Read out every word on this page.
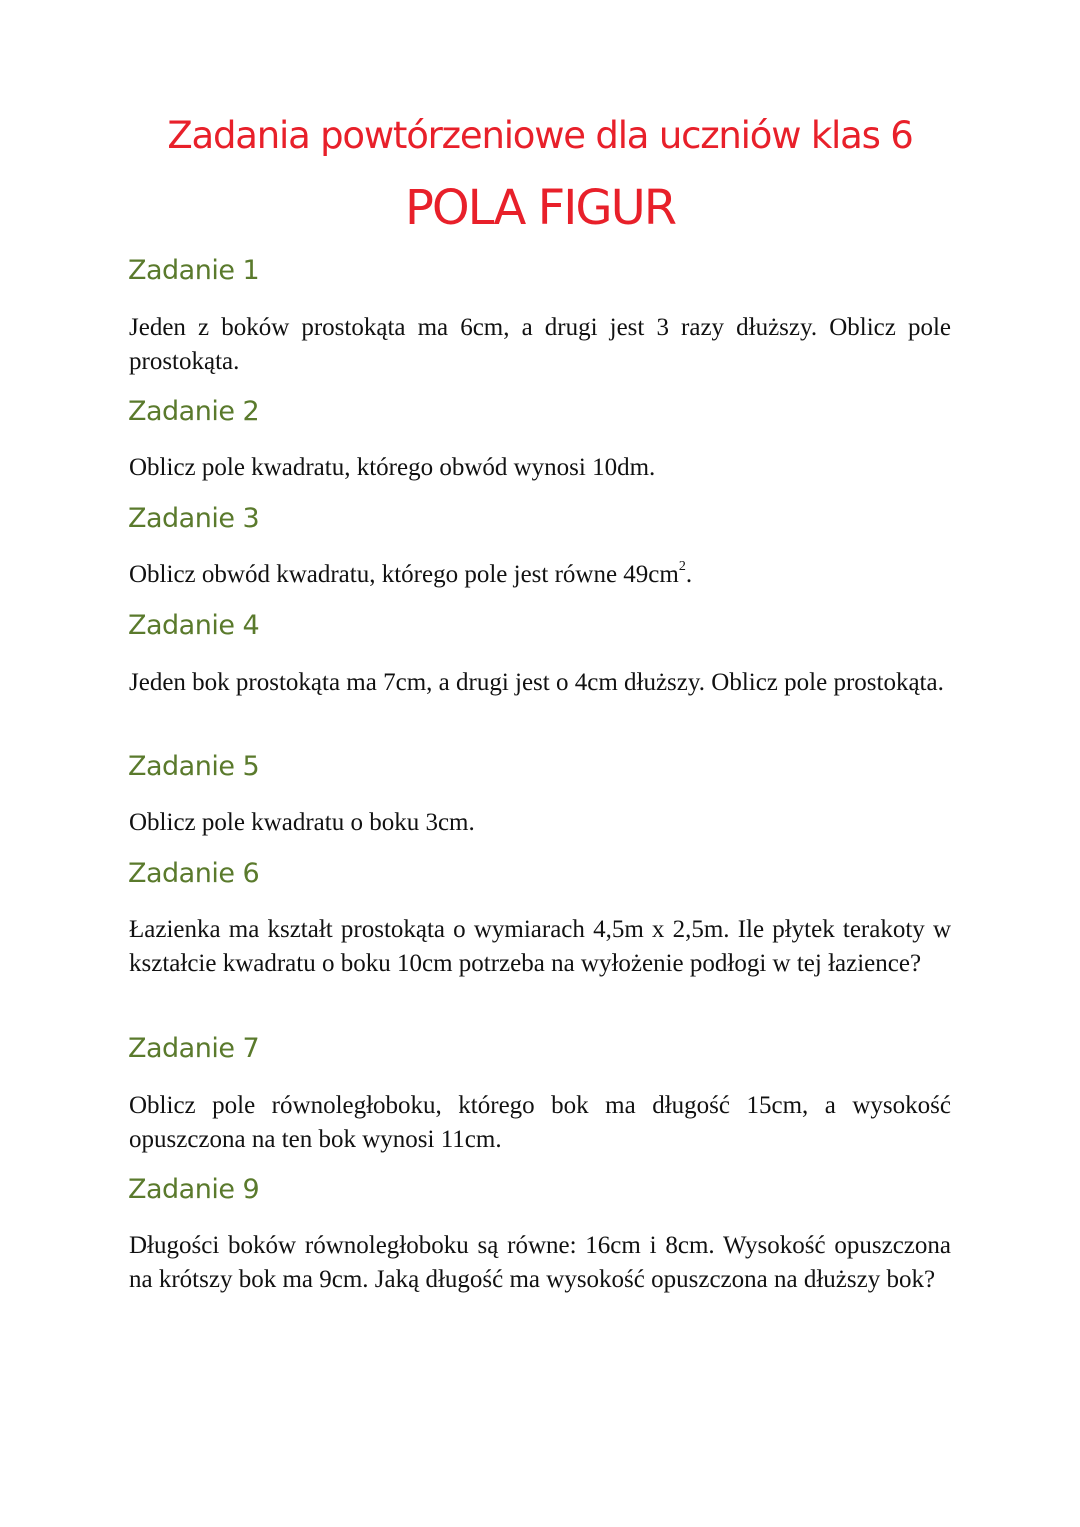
Zadania powtórzeniowe dla uczniów klas 6
POLA FIGUR
Zadanie 1

Jeden z boków prostokąta ma 6cm, a drugi jest 3 razy dłuższy. Oblicz pole prostokąta.

Zadanie 2

Oblicz pole kwadratu, którego obwód wynosi 10dm.

Zadanie 3

Oblicz obwód kwadratu, którego pole jest równe $49cm^2$.

Zadanie 4

Jeden bok prostokąta ma 7cm, a drugi jest o 4cm dłuższy. Oblicz pole prostokąta.

Zadanie 5

Oblicz pole kwadratu o boku 3cm.

Zadanie 6

Łazienka ma kształt prostokąta o wymiarach 4,5m x 2,5m. Ile płytek terakoty w kształcie kwadratu o boku 10cm potrzeba na wyłożenie podłogi w tej łazience?

Zadanie 7

Oblicz pole równoległoboku, którego bok ma długość 15cm, a wysokość opuszczona na ten bok wynosi 11cm.

Zadanie 9

Długości boków równoległoboku są równe: 16cm i 8cm. Wysokość opuszczona na krótszy bok ma 9cm. Jaką długość ma wysokość opuszczona na dłuższy bok?
